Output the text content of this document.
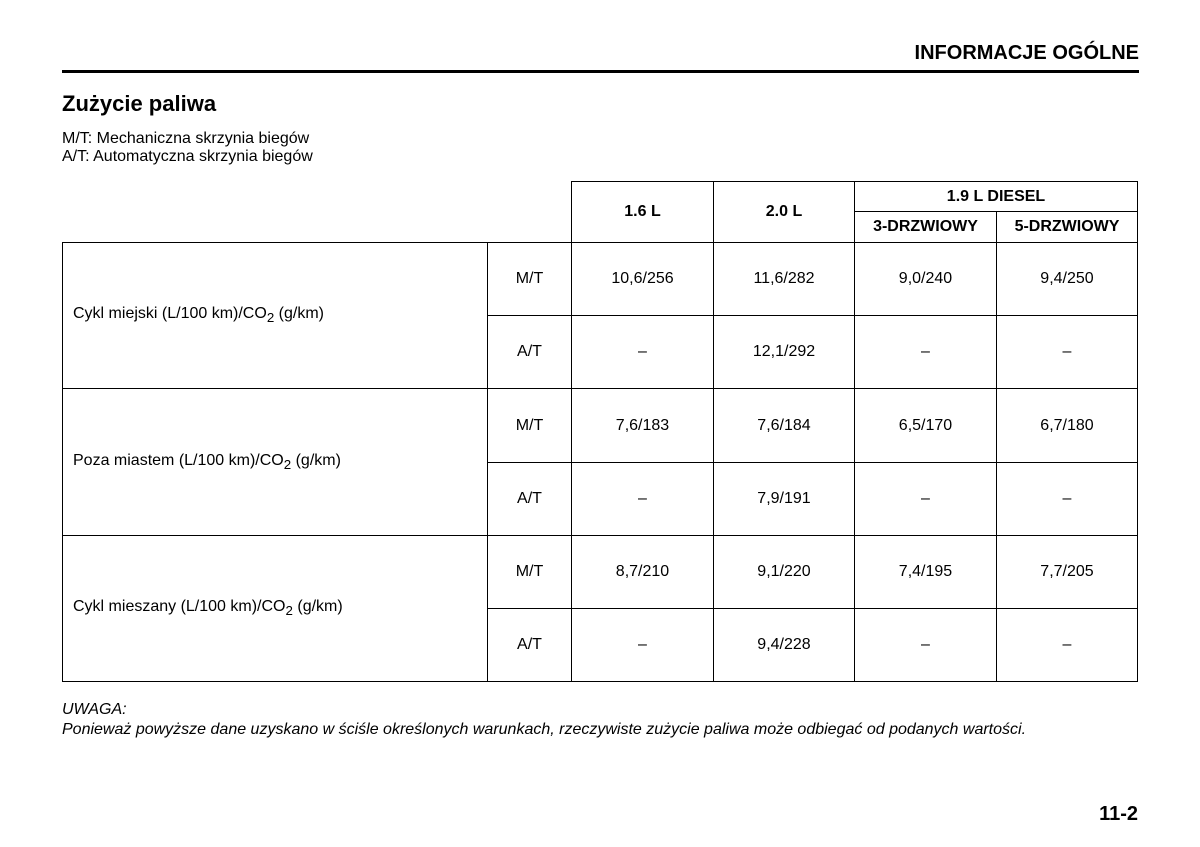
INFORMACJE OGÓLNE
Zużycie paliwa
M/T: Mechaniczna skrzynia biegów
A/T: Automatyczna skrzynia biegów
		1.6 L	2.0 L	1.9 L DIESEL	
				3-DRZWIOWY	5-DRZWIOWY
Cykl miejski (L/100 $km)/CO_2$ (g/km)	M/T	10,6/256	11,6/282	9,0/240	9,4/250
	A/T	–	12,1/292	–	–
Poza miastem (L/100 $km)/CO_2$ (g/km)	M/T	7,6/183	7,6/184	6,5/170	6,7/180
	A/T	–	7,9/191	–	–
Cykl mieszany (L/100 $km)/CO_2$ (g/km)	M/T	8,7/210	9,1/220	7,4/195	7,7/205
	A/T	–	9,4/228	–	–
UWAGA:
Ponieważ powyższe dane uzyskano w ściśle określonych warunkach, rzeczywiste zużycie paliwa może odbiegać od podanych wartości.
11-2
